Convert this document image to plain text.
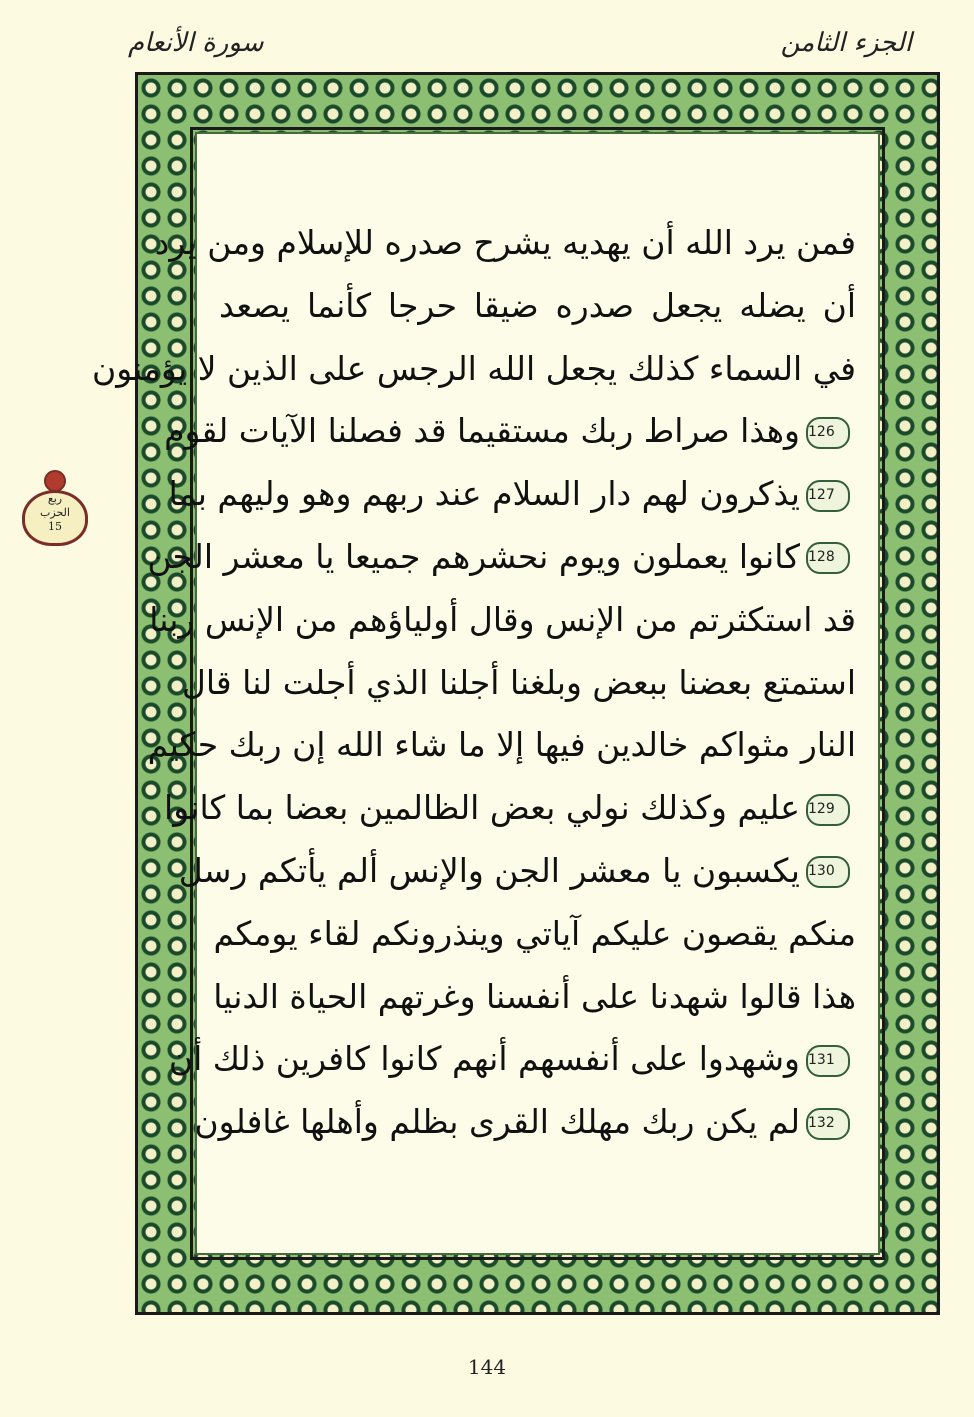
الجزء الثامن
سورة الأنعام
ربع
الحزب
15
فمن يرد الله أن يهديه يشرح صدره للإسلام ومن يرد
أن يضله يجعل صدره ضيقا حرجا كأنما يصعد
في السماء كذلك يجعل الله الرجس على الذين لا يؤمنون
126وهذا صراط ربك مستقيما قد فصلنا الآيات لقوم
127يذكرون لهم دار السلام عند ربهم وهو وليهم بما
128كانوا يعملون ويوم نحشرهم جميعا يا معشر الجن
قد استكثرتم من الإنس وقال أولياؤهم من الإنس ربنا
استمتع بعضنا ببعض وبلغنا أجلنا الذي أجلت لنا قال
النار مثواكم خالدين فيها إلا ما شاء الله إن ربك حكيم
129عليم وكذلك نولي بعض الظالمين بعضا بما كانوا
130يكسبون يا معشر الجن والإنس ألم يأتكم رسل
منكم يقصون عليكم آياتي وينذرونكم لقاء يومكم
هذا قالوا شهدنا على أنفسنا وغرتهم الحياة الدنيا
131وشهدوا على أنفسهم أنهم كانوا كافرين ذلك أن
132لم يكن ربك مهلك القرى بظلم وأهلها غافلون
144
